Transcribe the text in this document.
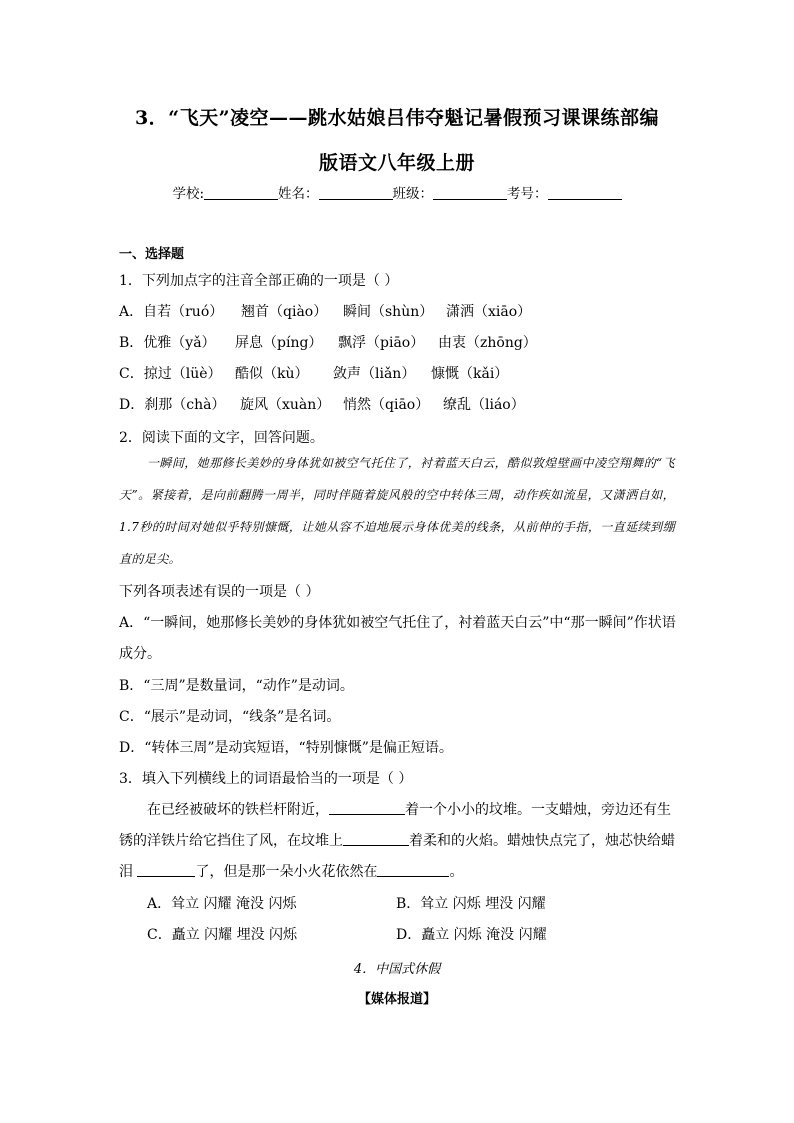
3．“飞天”凌空——跳水姑娘吕伟夺魁记暑假预习课课练部编
版语文八年级上册
学校:	姓名：	班级：	考号：
一、选择题
1．下列加点字的注音全部正确的一项是（ ）
A．自若（ruó） 翘首（qiào） 瞬间（shùn） 潇洒（xiāo）
B．优雅（yǎ） 屏息（píng） 飘浮（piāo） 由衷（zhōng）
C．掠过（lüè） 酷似（kù） 敛声（liǎn） 慷慨（kǎi）
D．刹那（chà） 旋风（xuàn） 悄然（qiāo） 缭乱（liáo）
2．阅读下面的文字，回答问题。
一瞬间，她那修长美妙的身体犹如被空气托住了，衬着蓝天白云，酷似敦煌壁画中凌空翔舞的“飞天”。紧接着，是向前翻腾一周半，同时伴随着旋风般的空中转体三周，动作疾如流星，又潇洒自如，1.7秒的时间对她似乎特别慷慨，让她从容不迫地展示身体优美的线条，从前伸的手指，一直延续到绷直的足尖。
下列各项表述有误的一项是（ ）
A．“一瞬间，她那修长美妙的身体犹如被空气托住了，衬着蓝天白云”中“那一瞬间”作状语
成分。
B．“三周”是数量词，“动作”是动词。
C．“展示”是动词，“线条”是名词。
D．“转体三周”是动宾短语，“特别慷慨”是偏正短语。
3．填入下列横线上的词语最恰当的一项是（ ）
在已经被破坏的铁栏杆附近，	着一个小小的坟堆。一支蜡烛，旁边还有生
锈的洋铁片给它挡住了风，在坟堆上	着柔和的火焰。蜡烛快点完了，烛芯快给蜡
泪	了，但是那一朵小火花依然在	。
A．耸立 闪耀 淹没 闪烁	B．耸立 闪烁 埋没 闪耀
C．矗立 闪耀 埋没 闪烁	D．矗立 闪烁 淹没 闪耀
4．中国式休假
【媒体报道】
